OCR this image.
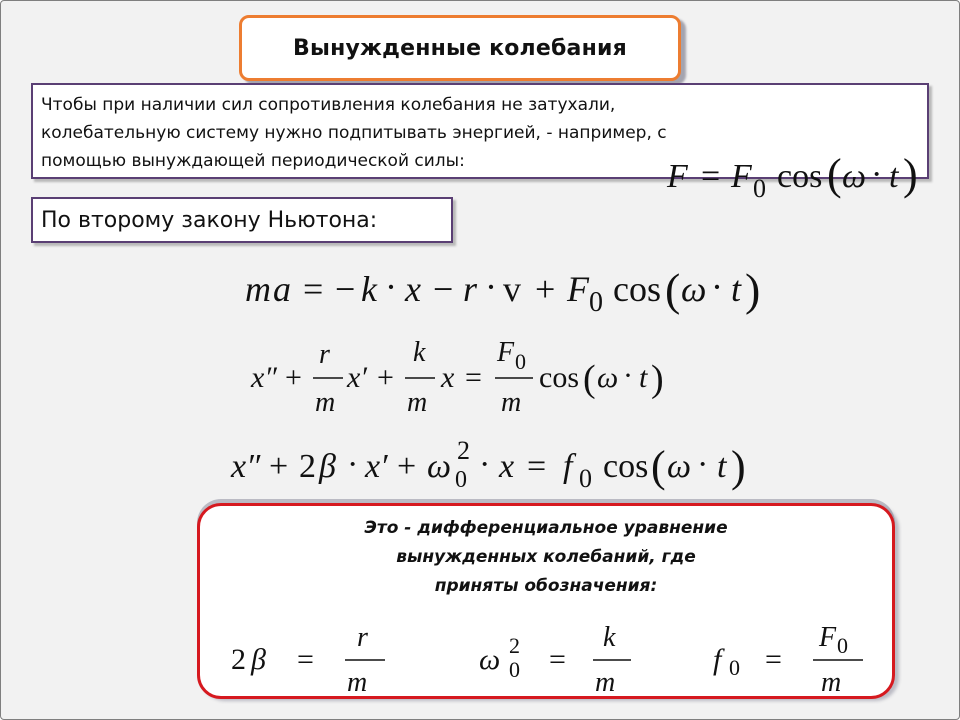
Вынужденные колебания
Чтобы при наличии сил сопротивления колебания не затухали,
колебательную систему нужно подпитывать энергией, - например, с
помощью вынуждающей периодической силы:
По второму закону Ньютона:
Это - дифференциальное уравнение
вынужденных колебаний, где
приняты обозначения:
F = F 0 cos ( ω · t )
m a = − k · x − r · v + F 0 cos ( ω · t )
x″ +
r
m
x′ +
k
m
x =
F 0
m
cos ( ω · t )
x″ + 2 β · x′ + ω 2
0 · x = f 0 cos ( ω · t )
2 β =
r
m
ω 2
0 =
k
m
f 0 =
F 0
m
